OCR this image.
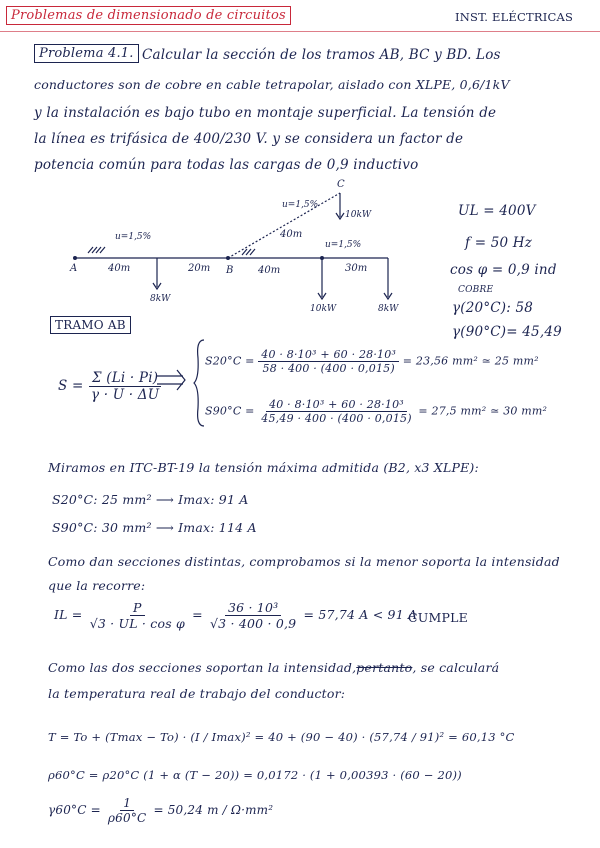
Problemas de dimensionado de circuitos	INST. ELÉCTRICAS
Problema 4.1. Calcular la sección de los tramos AB, BC y BD. Los
conductores son de cobre en cable tetrapolar, aislado con XLPE, 0,6/1kV
y la instalación es bajo tubo en montaje superficial. La tensión de
la línea es trifásica de 400/230 V. y se considera un factor de
potencia común para todas las cargas de 0,9 inductivo
A	B
C
u=1,5%
u=1,5%
u=1,5%
40m	20m
40m
40m	30m
8kW
10kW
10kW	8kW
UL = 400V
f = 50 Hz
cos φ = 0,9 ind
COBRE
γ(20°C): 58
γ(90°C)= 45,49
TRAMO AB
$S = \frac{\Sigma (Li \cdot Pi)}{\gamma \cdot U \cdot \Delta U}$
$S20^\circ C = \frac{\text{40 · 8·10³ + 60 · 28·10³}}{58 \cdot 400 \cdot (400 \cdot 0,015)} = 23,56$ mm² ≃ 25 mm²
$S90^\circ C = \frac{\text{40 · 8·10³ + 60 · 28·10³}}{45,49 \cdot 400 \cdot (400 \cdot 0,015)} = 27,5$ mm² ≃ 30 mm²
Miramos en ITC-BT-19 la tensión máxima admitida (B2, x3 XLPE):
S20°C: 25 mm² ⟶ Imax: 91 A
S90°C: 30 mm² ⟶ Imax: 114 A
Como dan secciones distintas, comprobamos si la menor soporta la intensidad
que la recorre:
IL = $\frac{P}{\text{√3 · UL · cos φ}} = \frac{\text{36 · 10³}}{√3 \cdot 400 \cdot 0,9} = 57,74$ A < 91 A
CUMPLE
Como las dos secciones soportan la intensidad,pertanto, se calculará
la temperatura real de trabajo del conductor:
T = To + (Tmax − To) · (I / Imax)² = 40 + (90 − 40) · (57,74 / 91)² = 60,13 °C
ρ60°C = ρ20°C (1 + α (T − 20)) = 0,0172 · (1 + 0,00393 · (60 − 20))
$\gamma 60^\circ C = \frac{1}{\rho 60^\circ C} = 50,24$ m / Ω·mm²
